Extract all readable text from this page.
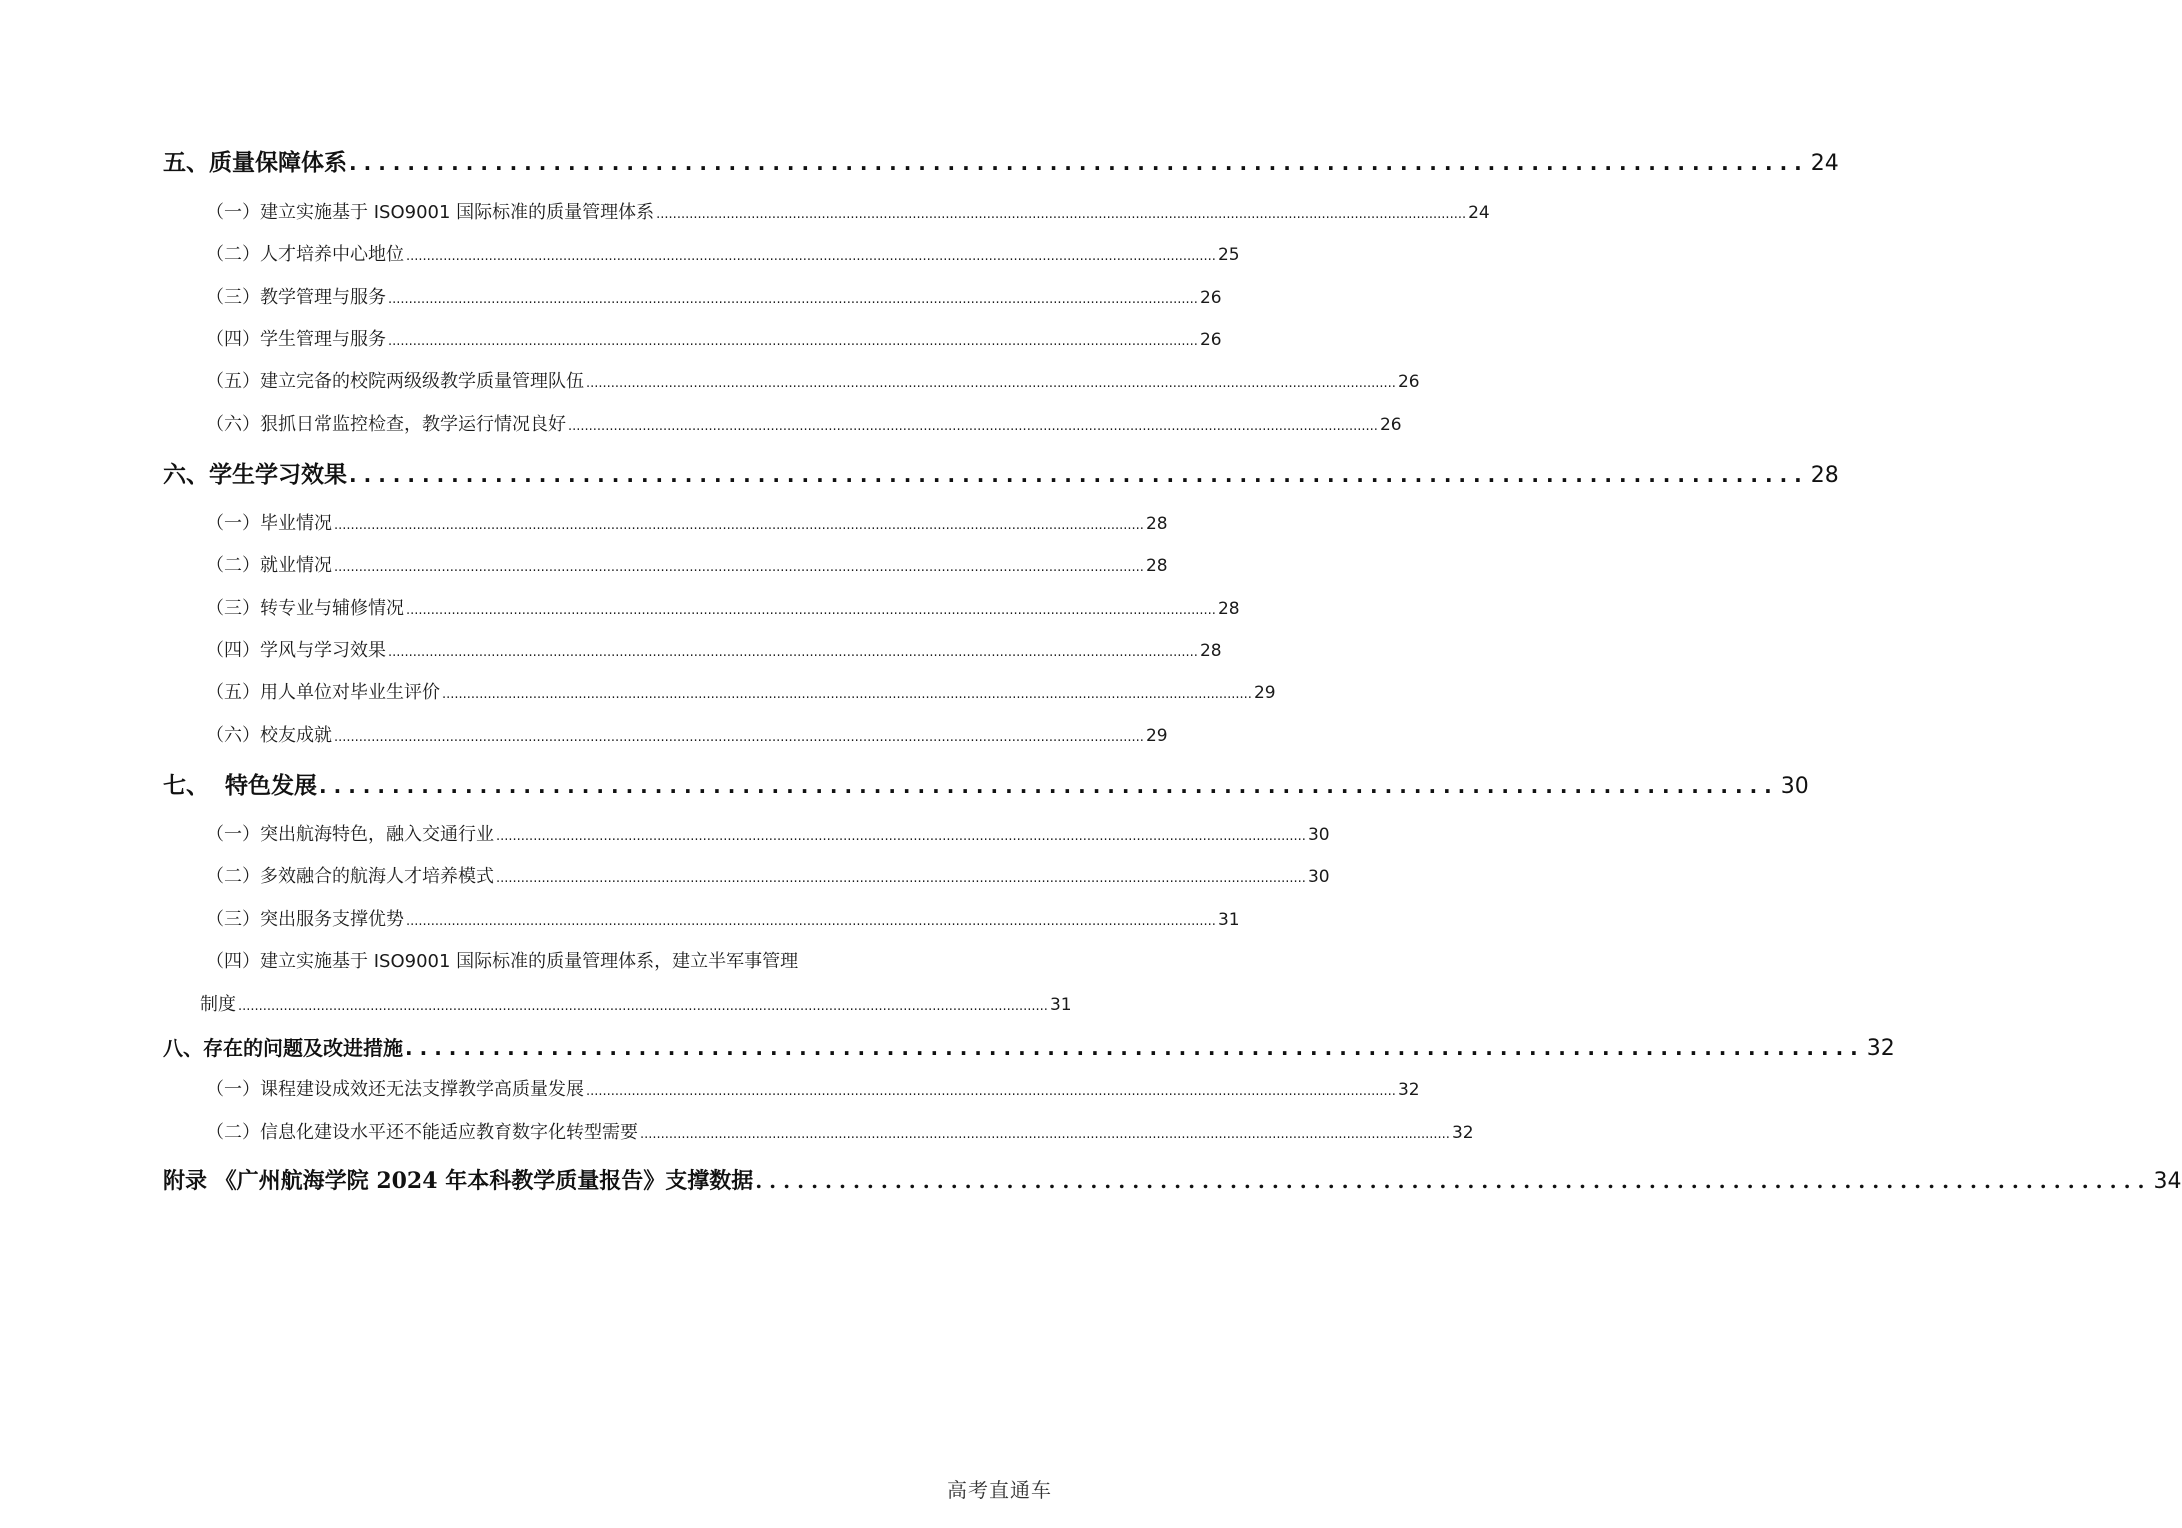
五、质量保障体系 .................................................................................................... 24
（一）建立实施基于 ISO9001 国际标准的质量管理体系 .................................................................................................................................................................................................... 24
（二）人才培养中心地位 .................................................................................................................................................................................................... 25
（三）教学管理与服务 .................................................................................................................................................................................................... 26
（四）学生管理与服务 .................................................................................................................................................................................................... 26
（五）建立完备的校院两级级教学质量管理队伍 .................................................................................................................................................................................................... 26
（六）狠抓日常监控检查，教学运行情况良好 .................................................................................................................................................................................................... 26
六、学生学习效果 .................................................................................................... 28
（一）毕业情况 .................................................................................................................................................................................................... 28
（二）就业情况 .................................................................................................................................................................................................... 28
（三）转专业与辅修情况 .................................................................................................................................................................................................... 28
（四）学风与学习效果 .................................................................................................................................................................................................... 28
（五）用人单位对毕业生评价 .................................................................................................................................................................................................... 29
（六）校友成就 .................................................................................................................................................................................................... 29
七、  特色发展 .................................................................................................... 30
（一）突出航海特色，融入交通行业 .................................................................................................................................................................................................... 30
（二）多效融合的航海人才培养模式 .................................................................................................................................................................................................... 30
（三）突出服务支撑优势 .................................................................................................................................................................................................... 31
（四）建立实施基于 ISO9001 国际标准的质量管理体系，建立半军事管理
制度 .................................................................................................................................................................................................... 31
八、存在的问题及改进措施 .................................................................................................... 32
（一）课程建设成效还无法支撑教学高质量发展 .................................................................................................................................................................................................... 32
（二）信息化建设水平还不能适应教育数字化转型需要 .................................................................................................................................................................................................... 32
附录 《广州航海学院 2024 年本科教学质量报告》支撑数据 .................................................................................................... 34
高考直通车
